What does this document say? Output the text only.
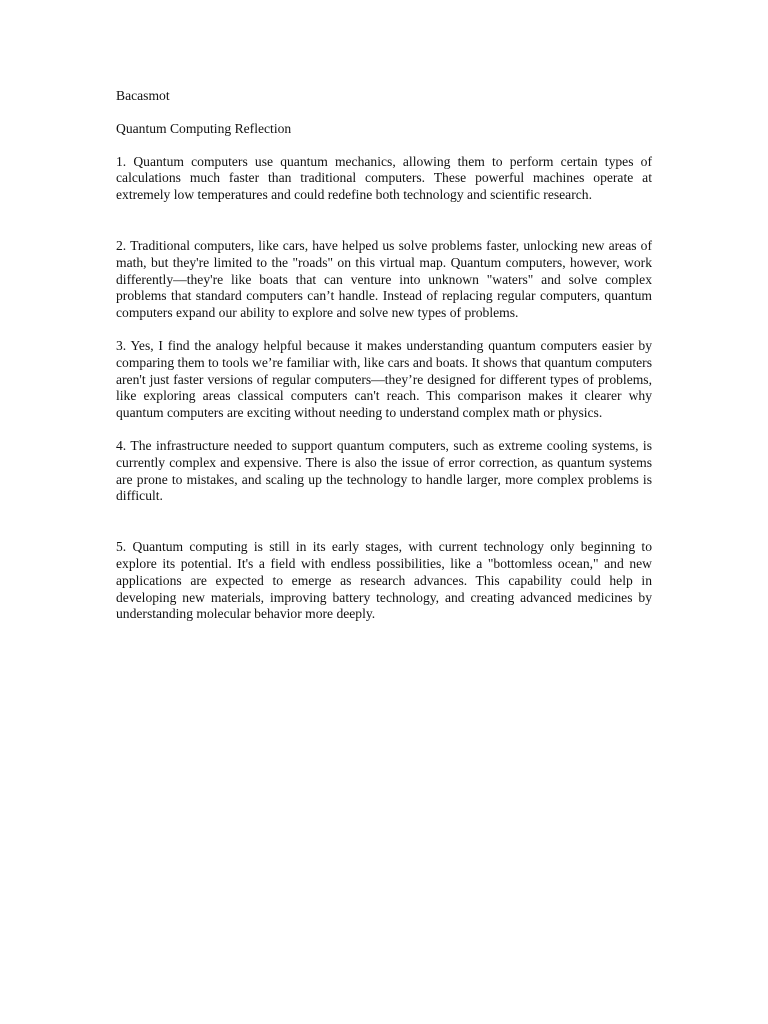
Bacasmot

Quantum Computing Reflection

1. Quantum computers use quantum mechanics, allowing them to perform certain types of calculations much faster than traditional computers. These powerful machines operate at extremely low temperatures and could redefine both technology and scientific research.

2. Traditional computers, like cars, have helped us solve problems faster, unlocking new areas of math, but they're limited to the "roads" on this virtual map. Quantum computers, however, work differently—they're like boats that can venture into unknown "waters" and solve complex problems that standard computers can’t handle. Instead of replacing regular computers, quantum computers expand our ability to explore and solve new types of problems.

3. Yes, I find the analogy helpful because it makes understanding quantum computers easier by comparing them to tools we’re familiar with, like cars and boats. It shows that quantum computers aren't just faster versions of regular computers—they’re designed for different types of problems, like exploring areas classical computers can't reach. This comparison makes it clearer why quantum computers are exciting without needing to understand complex math or physics.

4. The infrastructure needed to support quantum computers, such as extreme cooling systems, is currently complex and expensive. There is also the issue of error correction, as quantum systems are prone to mistakes, and scaling up the technology to handle larger, more complex problems is difficult.

5. Quantum computing is still in its early stages, with current technology only beginning to explore its potential. It's a field with endless possibilities, like a "bottomless ocean," and new applications are expected to emerge as research advances. This capability could help in developing new materials, improving battery technology, and creating advanced medicines by understanding molecular behavior more deeply.
